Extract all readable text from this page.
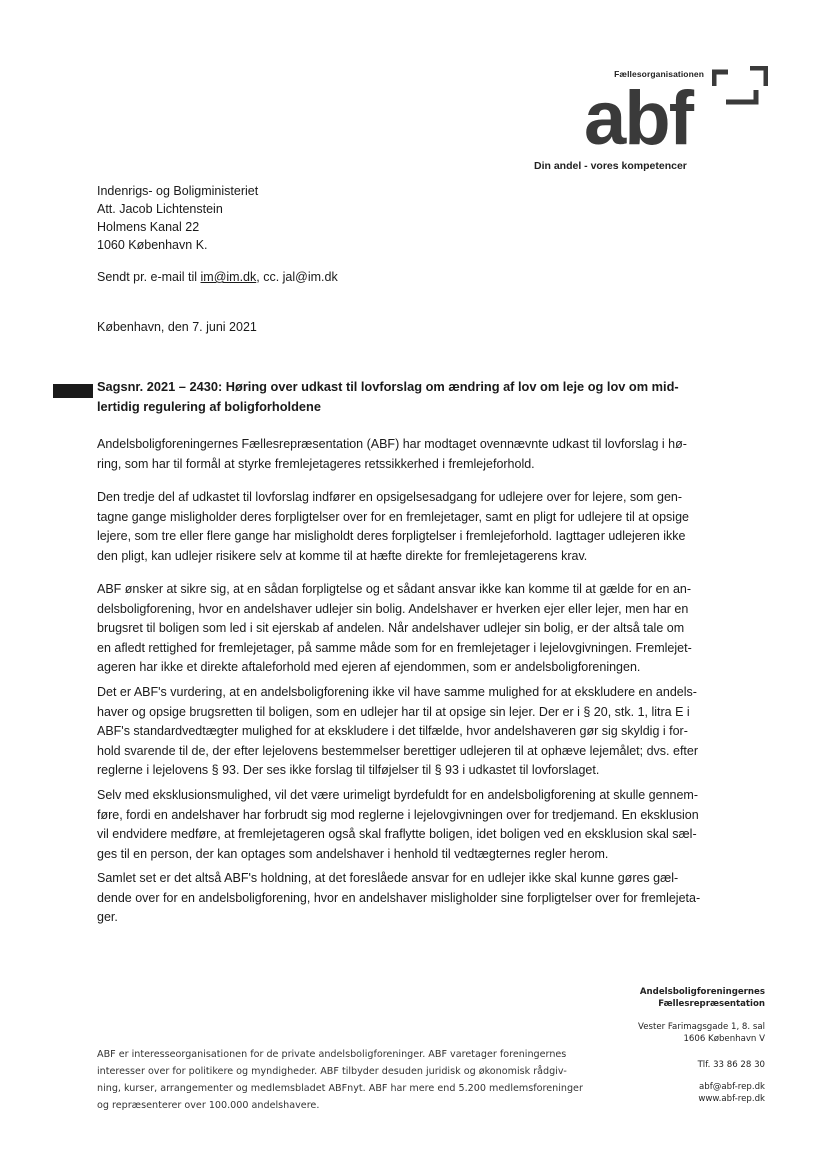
Fællesorganisationen
abf
Din andel - vores kompetencer
Indenrigs- og Boligministeriet
Att. Jacob Lichtenstein
Holmens Kanal 22
1060 København K.
Sendt pr. e-mail til im@im.dk, cc. jal@im.dk
København, den 7. juni 2021
Sagsnr. 2021 – 2430: Høring over udkast til lovforslag om ændring af lov om leje og lov om mid-
lertidig regulering af boligforholdene
Andelsboligforeningernes Fællesrepræsentation (ABF) har modtaget ovennævnte udkast til lovforslag i hø-
ring, som har til formål at styrke fremlejetageres retssikkerhed i fremlejeforhold.
Den tredje del af udkastet til lovforslag indfører en opsigelsesadgang for udlejere over for lejere, som gen-
tagne gange misligholder deres forpligtelser over for en fremlejetager, samt en pligt for udlejere til at opsige
lejere, som tre eller flere gange har misligholdt deres forpligtelser i fremlejeforhold. Iagttager udlejeren ikke
den pligt, kan udlejer risikere selv at komme til at hæfte direkte for fremlejetagerens krav.
ABF ønsker at sikre sig, at en sådan forpligtelse og et sådant ansvar ikke kan komme til at gælde for en an-
delsboligforening, hvor en andelshaver udlejer sin bolig. Andelshaver er hverken ejer eller lejer, men har en
brugsret til boligen som led i sit ejerskab af andelen. Når andelshaver udlejer sin bolig, er der altså tale om
en afledt rettighed for fremlejetager, på samme måde som for en fremlejetager i lejelovgivningen. Fremlejet-
ageren har ikke et direkte aftaleforhold med ejeren af ejendommen, som er andelsboligforeningen.
Det er ABF's vurdering, at en andelsboligforening ikke vil have samme mulighed for at ekskludere en andels-
haver og opsige brugsretten til boligen, som en udlejer har til at opsige sin lejer. Der er i § 20, stk. 1, litra E i
ABF's standardvedtægter mulighed for at ekskludere i det tilfælde, hvor andelshaveren gør sig skyldig i for-
hold svarende til de, der efter lejelovens bestemmelser berettiger udlejeren til at ophæve lejemålet; dvs. efter
reglerne i lejelovens § 93. Der ses ikke forslag til tilføjelser til § 93 i udkastet til lovforslaget.
Selv med eksklusionsmulighed, vil det være urimeligt byrdefuldt for en andelsboligforening at skulle gennem-
føre, fordi en andelshaver har forbrudt sig mod reglerne i lejelovgivningen over for tredjemand. En eksklusion
vil endvidere medføre, at fremlejetageren også skal fraflytte boligen, idet boligen ved en eksklusion skal sæl-
ges til en person, der kan optages som andelshaver i henhold til vedtægternes regler herom.
Samlet set er det altså ABF's holdning, at det foreslåede ansvar for en udlejer ikke skal kunne gøres gæl-
dende over for en andelsboligforening, hvor en andelshaver misligholder sine forpligtelser over for fremlejeta-
ger.
Andelsboligforeningernes
Fællesrepræsentation
Vester Farimagsgade 1, 8. sal
1606 København V
Tlf. 33 86 28 30
abf@abf-rep.dk
www.abf-rep.dk
ABF er interesseorganisationen for de private andelsboligforeninger. ABF varetager foreningernes
interesser over for politikere og myndigheder. ABF tilbyder desuden juridisk og økonomisk rådgiv-
ning, kurser, arrangementer og medlemsbladet ABFnyt. ABF har mere end 5.200 medlemsforeninger
og repræsenterer over 100.000 andelshavere.
